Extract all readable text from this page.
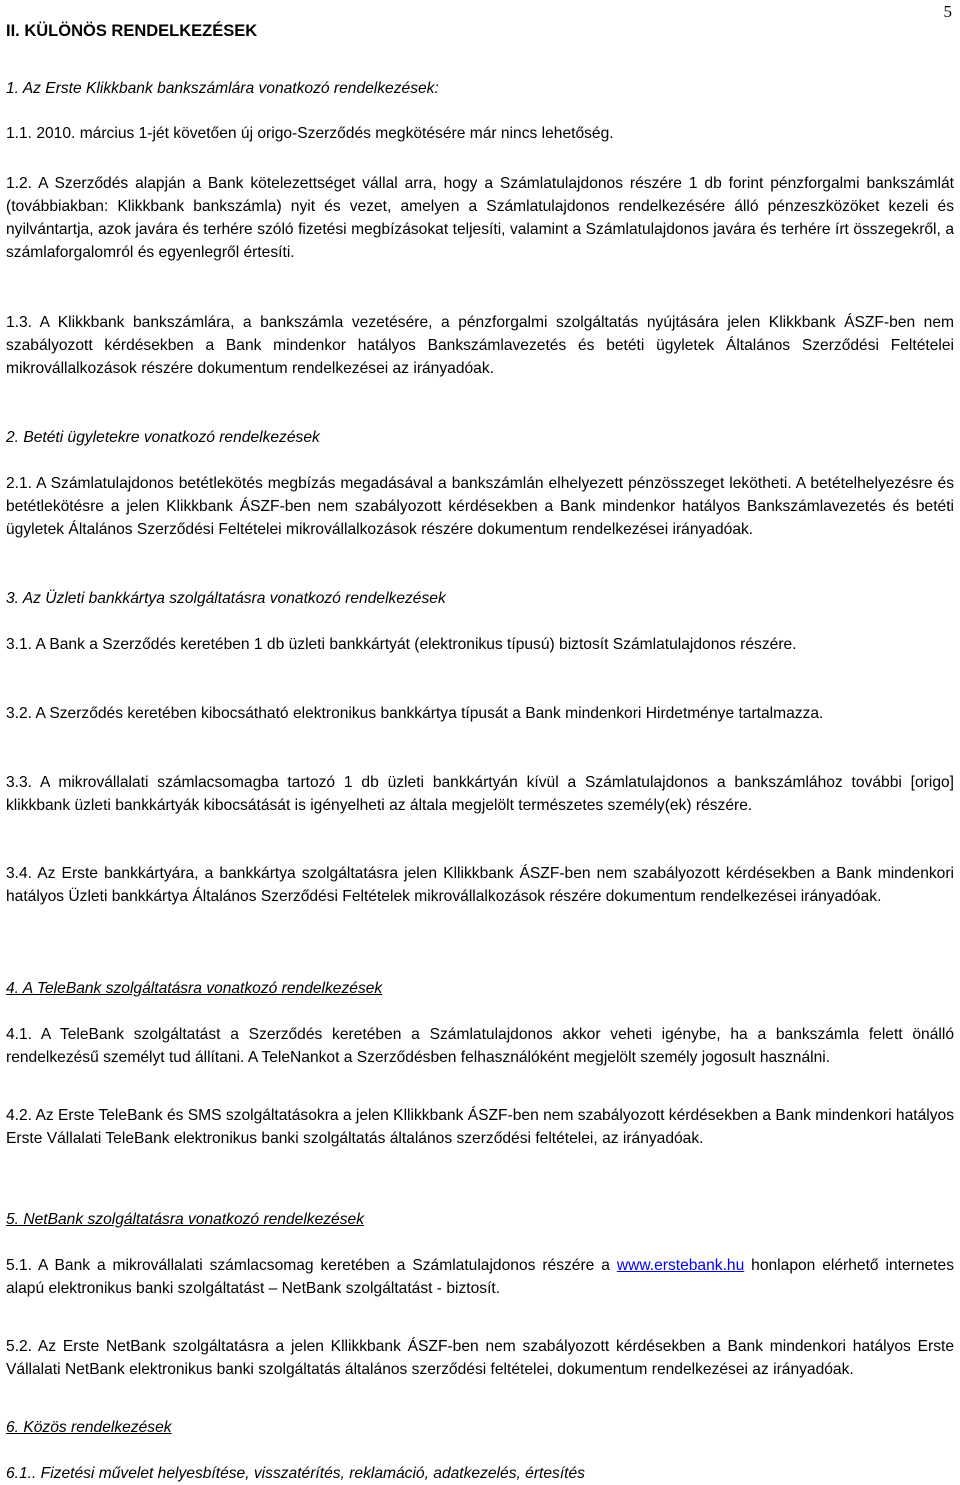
5
II. KÜLÖNÖS RENDELKEZÉSEK
1. Az Erste Klikkbank bankszámlára vonatkozó rendelkezések:
1.1. 2010. március 1-jét követően új origo-Szerződés megkötésére már nincs lehetőség.
1.2. A Szerződés alapján a Bank kötelezettséget vállal arra, hogy a Számlatulajdonos részére 1 db forint pénzforgalmi bankszámlát (továbbiakban: Klikkbank bankszámla) nyit és vezet, amelyen a Számlatulajdonos rendelkezésére álló pénzeszközöket kezeli és nyilvántartja, azok javára és terhére szóló fizetési megbízásokat teljesíti, valamint a Számlatulajdonos javára és terhére írt összegekről, a számlaforgalomról és egyenlegről értesíti.
1.3. A Klikkbank bankszámlára, a bankszámla vezetésére, a pénzforgalmi szolgáltatás nyújtására jelen Klikkbank ÁSZF-ben nem szabályozott kérdésekben a Bank mindenkor hatályos Bankszámlavezetés és betéti ügyletek Általános Szerződési Feltételei mikrovállalkozások részére dokumentum rendelkezései az irányadóak.
2. Betéti ügyletekre vonatkozó rendelkezések
2.1. A Számlatulajdonos betétlekötés megbízás megadásával a bankszámlán elhelyezett pénzösszeget lekötheti. A betételhelyezésre és betétlekötésre a jelen Klikkbank ÁSZF-ben nem szabályozott kérdésekben a Bank mindenkor hatályos Bankszámlavezetés és betéti ügyletek Általános Szerződési Feltételei mikrovállalkozások részére dokumentum rendelkezései irányadóak.
3. Az Üzleti bankkártya szolgáltatásra vonatkozó rendelkezések
3.1. A Bank a Szerződés keretében 1 db üzleti bankkártyát (elektronikus típusú) biztosít Számlatulajdonos részére.
3.2. A Szerződés keretében kibocsátható elektronikus bankkártya típusát a Bank mindenkori Hirdetménye tartalmazza.
3.3. A mikrovállalati számlacsomagba tartozó 1 db üzleti bankkártyán kívül a Számlatulajdonos a bankszámlához további [origo] klikkbank üzleti bankkártyák kibocsátását is igényelheti az általa megjelölt természetes személy(ek) részére.
3.4. Az Erste bankkártyára, a bankkártya szolgáltatásra jelen Kllikkbank ÁSZF-ben nem szabályozott kérdésekben a Bank mindenkori hatályos Üzleti bankkártya Általános Szerződési Feltételek mikrovállalkozások részére dokumentum rendelkezései irányadóak.
4. A TeleBank szolgáltatásra vonatkozó rendelkezések
4.1. A TeleBank szolgáltatást a Szerződés keretében a Számlatulajdonos akkor veheti igénybe, ha a bankszámla felett önálló rendelkezésű személyt tud állítani. A TeleNankot a Szerződésben felhasználóként megjelölt személy jogosult használni.
4.2. Az Erste TeleBank és SMS szolgáltatásokra a jelen Kllikkbank ÁSZF-ben nem szabályozott kérdésekben a Bank mindenkori hatályos Erste Vállalati TeleBank elektronikus banki szolgáltatás általános szerződési feltételei, az irányadóak.
5. NetBank szolgáltatásra vonatkozó rendelkezések
5.1. A Bank a mikrovállalati számlacsomag keretében a Számlatulajdonos részére a www.erstebank.hu honlapon elérhető internetes alapú elektronikus banki szolgáltatást – NetBank szolgáltatást - biztosít.
5.2. Az Erste NetBank szolgáltatásra a jelen Kllikkbank ÁSZF-ben nem szabályozott kérdésekben a Bank mindenkori hatályos Erste Vállalati NetBank elektronikus banki szolgáltatás általános szerződési feltételei, dokumentum rendelkezései az irányadóak.
6. Közös rendelkezések
6.1.. Fizetési művelet helyesbítése, visszatérítés, reklamáció, adatkezelés, értesítés
